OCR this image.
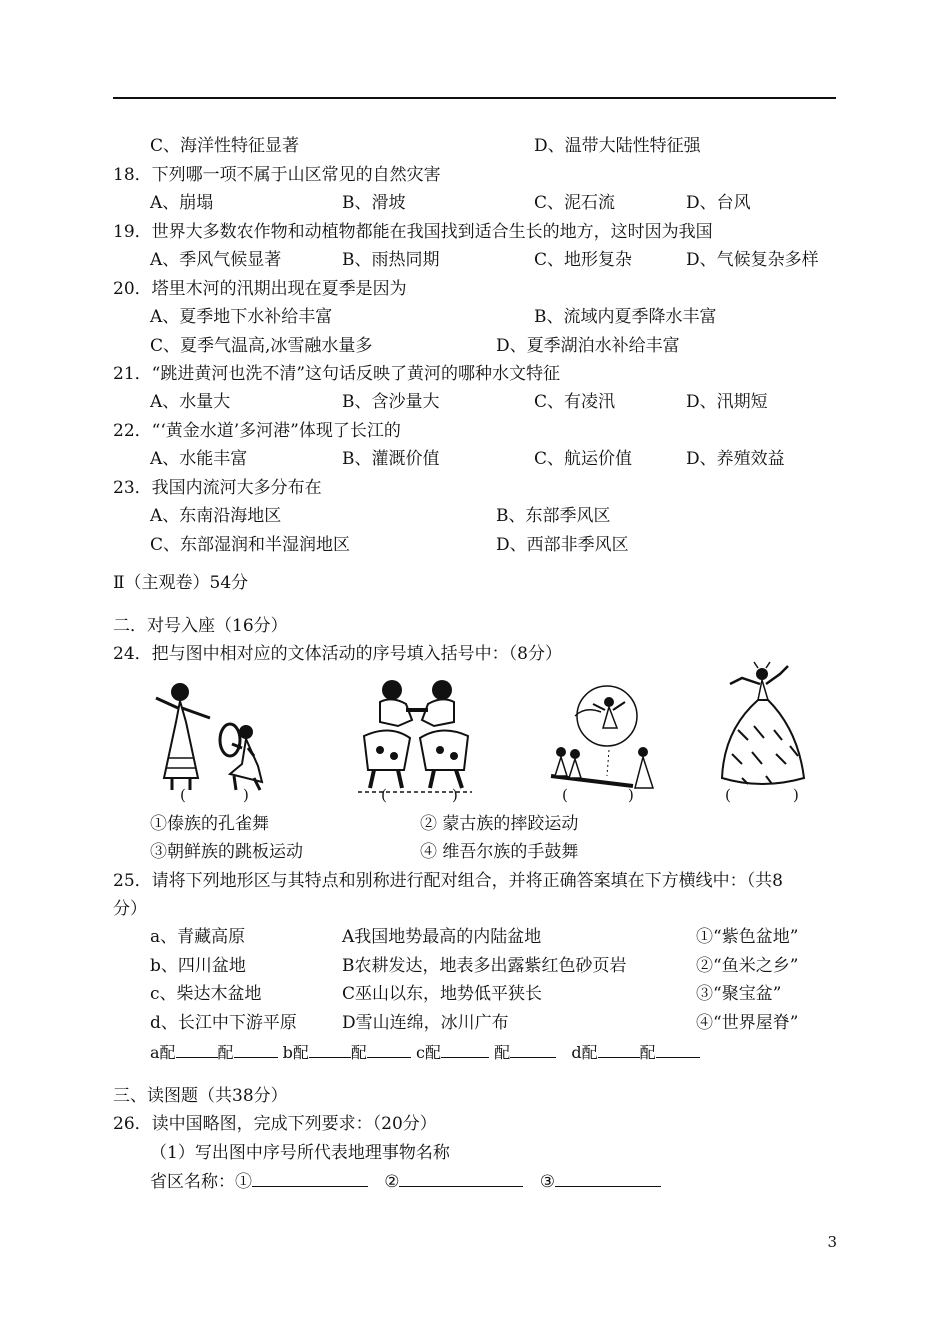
C、海洋性特征显著	D、温带大陆性特征强
18．下列哪一项不属于山区常见的自然灾害
A、崩塌	B、滑坡	C、泥石流	D、台风
19．世界大多数农作物和动植物都能在我国找到适合生长的地方，这时因为我国
A、季风气候显著	B、雨热同期	C、地形复杂	D、气候复杂多样
20．塔里木河的汛期出现在夏季是因为
A、夏季地下水补给丰富	B、流域内夏季降水丰富
C、夏季气温高,冰雪融水量多	D、夏季湖泊水补给丰富
21．“跳进黄河也洗不清”这句话反映了黄河的哪种水文特征
A、水量大	B、含沙量大	C、有凌汛	D、汛期短
22．“‘黄金水道’多河港”体现了长江的
A、水能丰富	B、灌溉价值	C、航运价值	D、养殖效益
23．我国内流河大多分布在
A、东南沿海地区	B、东部季风区
C、东部湿润和半湿润地区	D、西部非季风区
Ⅱ（主观卷）54分
二．对号入座（16分）
24．把与图中相对应的文体活动的序号填入括号中：（8分）
(	)	(	)	(	)	(	)
①傣族的孔雀舞	② 蒙古族的摔跤运动
③朝鲜族的跳板运动	④ 维吾尔族的手鼓舞
25．请将下列地形区与其特点和别称进行配对组合，并将正确答案填在下方横线中：（共8
分）
a、青藏高原	A我国地势最高的内陆盆地	①“紫色盆地”
b、四川盆地	B农耕发达，地表多出露紫红色砂页岩	②“鱼米之乡”
c、柴达木盆地	C巫山以东，地势低平狭长	③“聚宝盆”
d、长江中下游平原	D雪山连绵，冰川广布	④“世界屋脊”
a配	配	b配	配	c配	配	d配	配
三、读图题（共38分）
26．读中国略图，完成下列要求：（20分）
（1）写出图中序号所代表地理事物名称
省区名称：①	②	③
3
